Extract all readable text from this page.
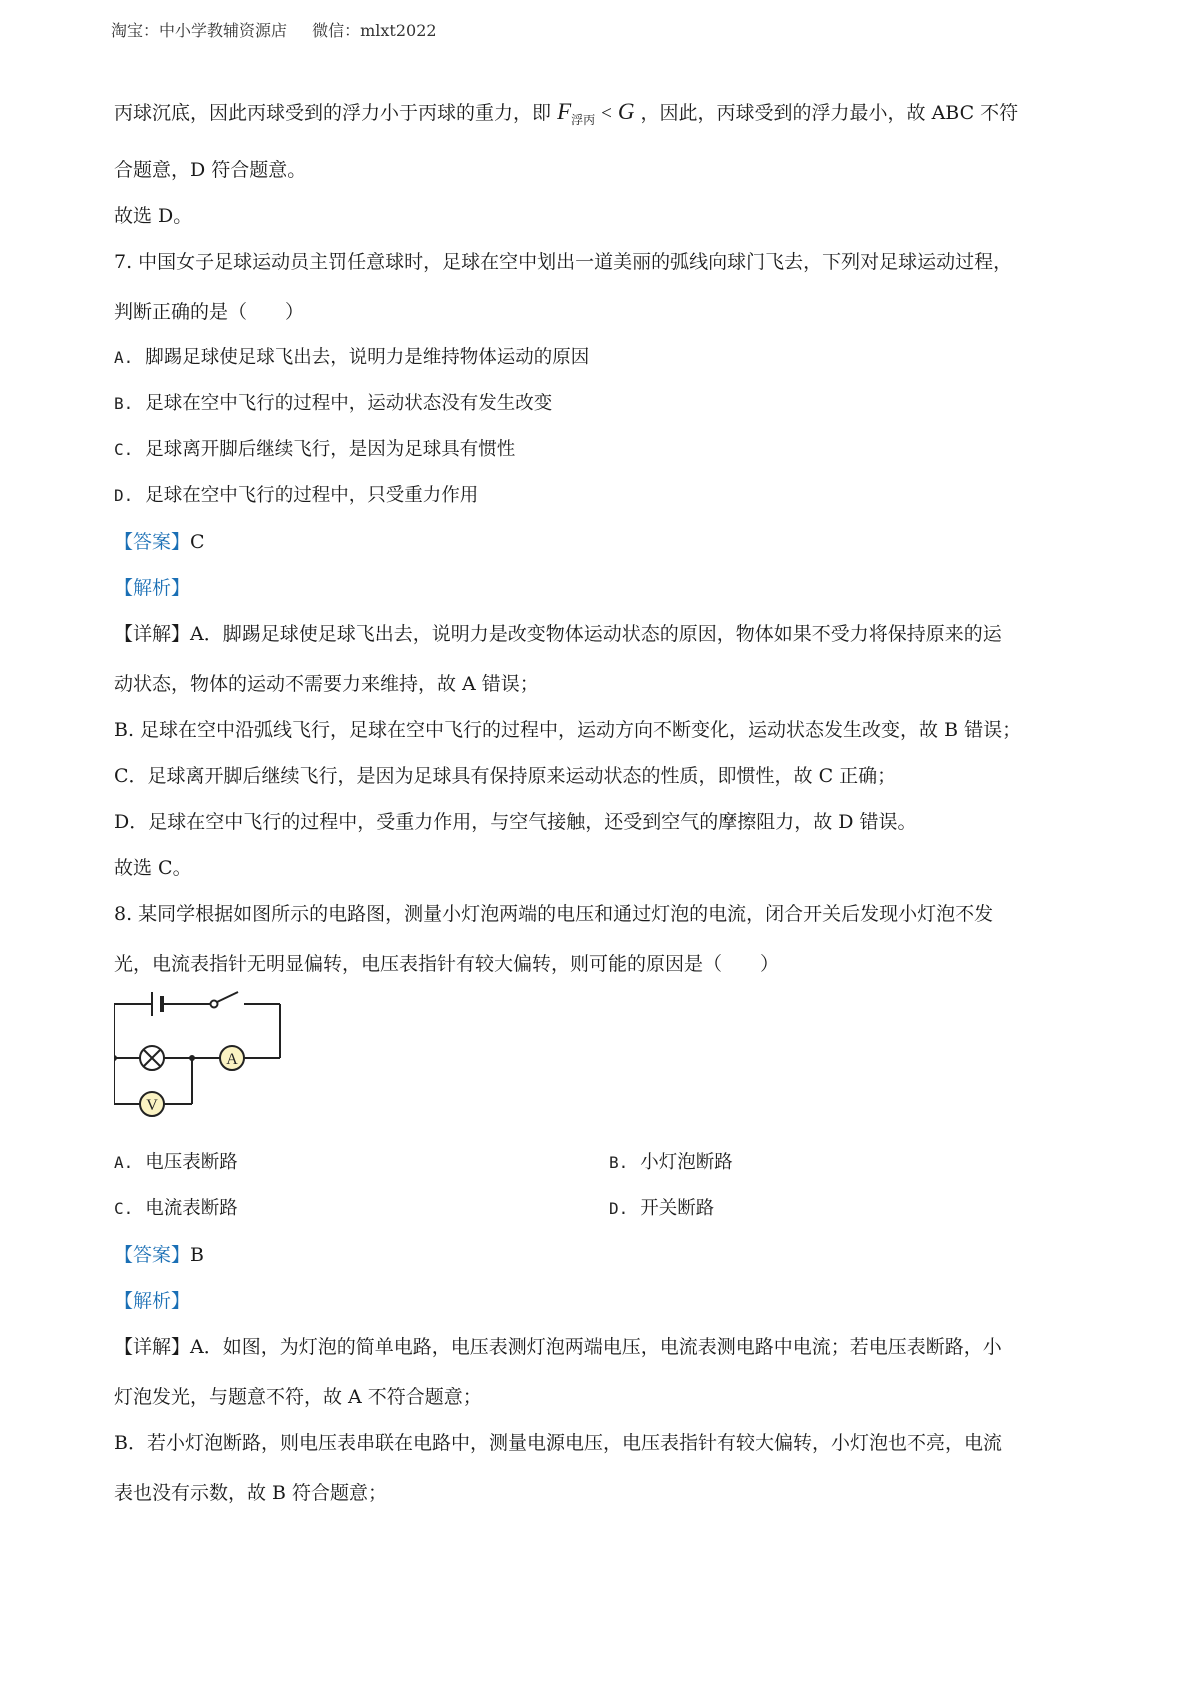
淘宝：中小学教辅资源店 微信：mlxt2022

丙球沉底，因此丙球受到的浮力小于丙球的重力，即 $F_{浮丙} < G$ ，因此，丙球受到的浮力最小，故 ABC 不符

合题意，D 符合题意。

故选 D。

7. 中国女子足球运动员主罚任意球时，足球在空中划出一道美丽的弧线向球门飞去，下列对足球运动过程，

判断正确的是（　　）

A. 脚踢足球使足球飞出去，说明力是维持物体运动的原因

B. 足球在空中飞行的过程中，运动状态没有发生改变

C. 足球离开脚后继续飞行，是因为足球具有惯性

D. 足球在空中飞行的过程中，只受重力作用

【答案】C

【解析】

【详解】A．脚踢足球使足球飞出去，说明力是改变物体运动状态的原因，物体如果不受力将保持原来的运

动状态，物体的运动不需要力来维持，故 A 错误；

B. 足球在空中沿弧线飞行，足球在空中飞行的过程中，运动方向不断变化，运动状态发生改变，故 B 错误；

C．足球离开脚后继续飞行，是因为足球具有保持原来运动状态的性质，即惯性，故 C 正确；

D．足球在空中飞行的过程中，受重力作用，与空气接触，还受到空气的摩擦阻力，故 D 错误。

故选 C。

8. 某同学根据如图所示的电路图，测量小灯泡两端的电压和通过灯泡的电流，闭合开关后发现小灯泡不发

光，电流表指针无明显偏转，电压表指针有较大偏转，则可能的原因是（　　）

A
V

A. 电压表断路	B. 小灯泡断路

C. 电流表断路	D. 开关断路

【答案】B

【解析】

【详解】A．如图，为灯泡的简单电路，电压表测灯泡两端电压，电流表测电路中电流；若电压表断路，小

灯泡发光，与题意不符，故 A 不符合题意；

B．若小灯泡断路，则电压表串联在电路中，测量电源电压，电压表指针有较大偏转，小灯泡也不亮，电流

表也没有示数，故 B 符合题意；
